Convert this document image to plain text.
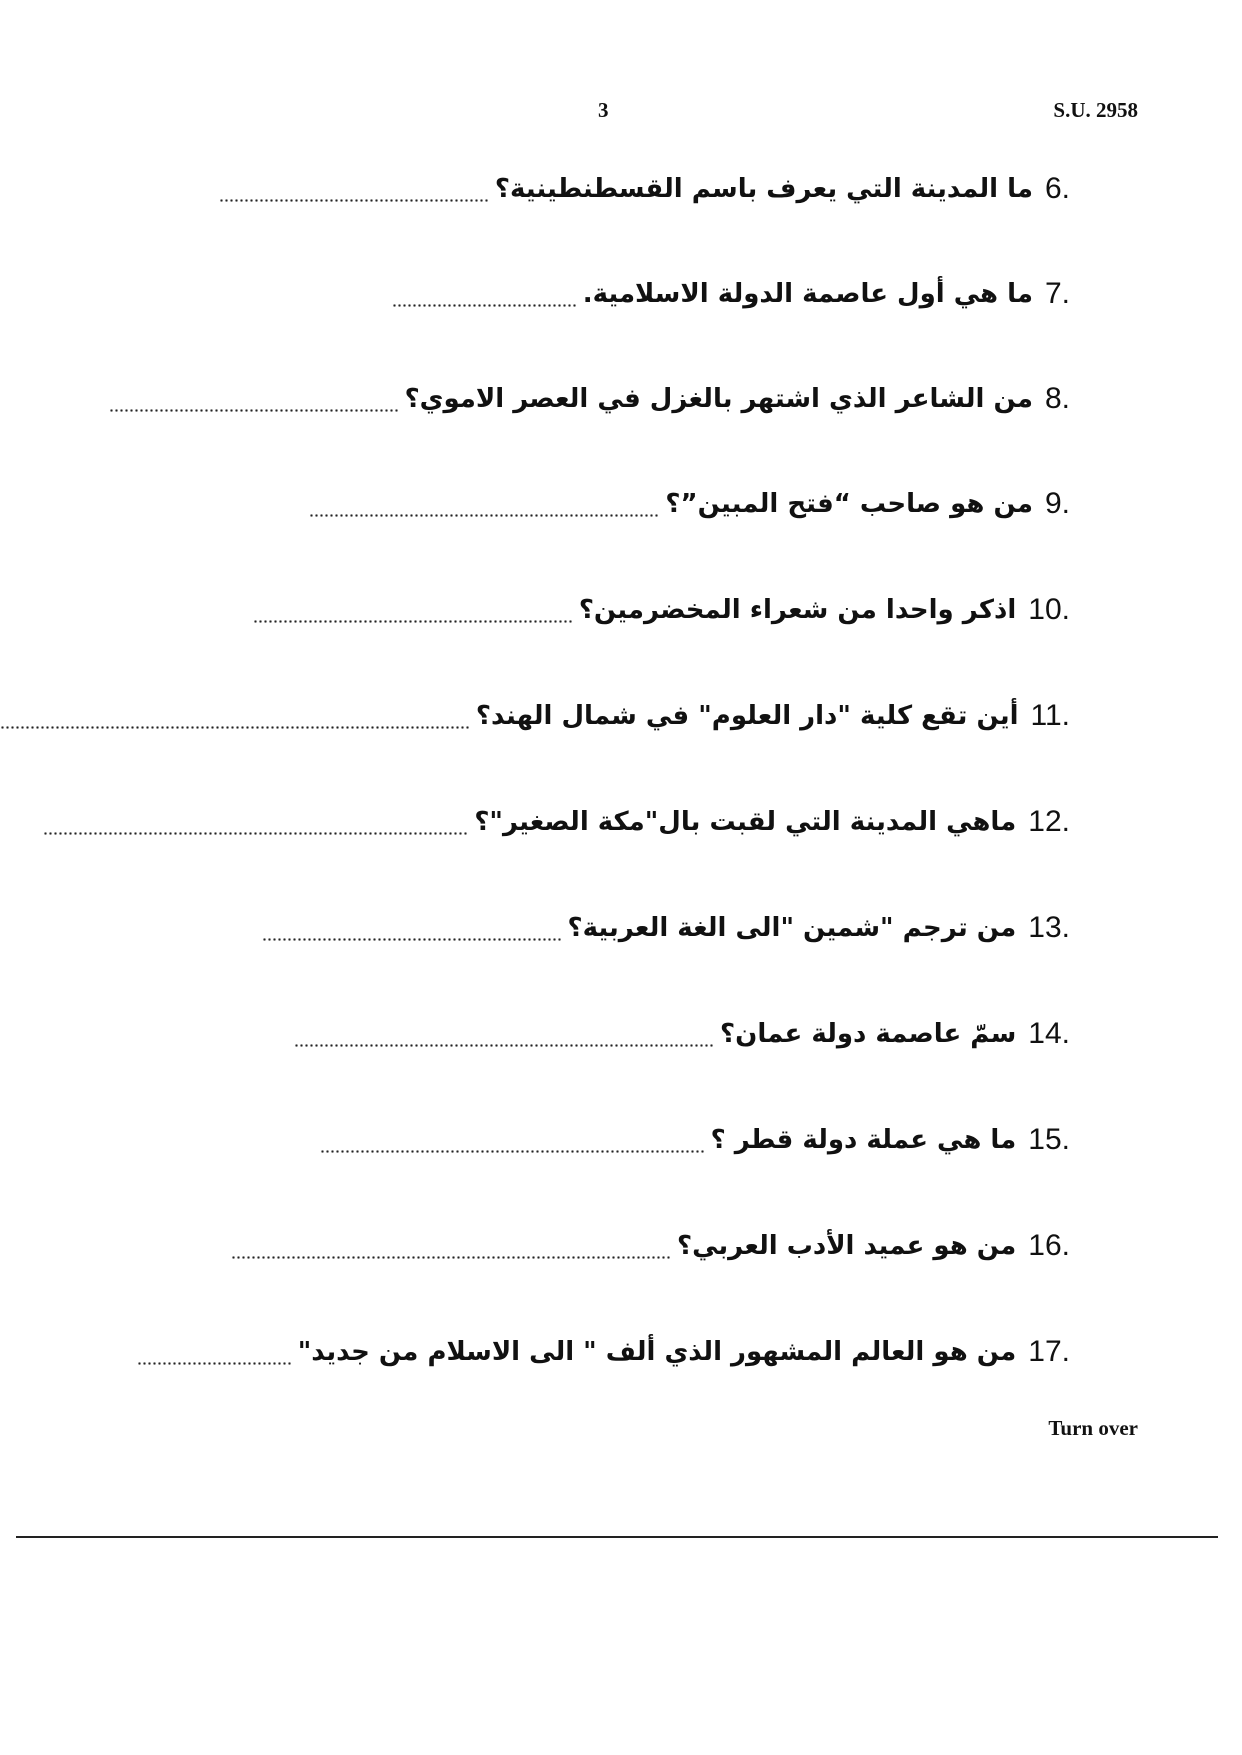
3	S.U. 2958
6.
ما المدينة التي يعرف باسم القسطنطينية؟
7.
ما هي أول عاصمة الدولة الاسلامية.
8.
من الشاعر الذي اشتهر بالغزل في العصر الاموي؟
9.
من هو صاحب “فتح المبين”؟
10.
اذكر واحدا من شعراء المخضرمين؟
11.
أين تقع كلية "دار العلوم" في شمال الهند؟
12.
ماهي المدينة التي لقبت بال"مكة الصغير"؟
13.
من ترجم "شمين "الى الغة العربية؟
14.
سمّ عاصمة دولة عمان؟
15.
ما هي عملة دولة قطر ؟
16.
من هو عميد الأدب العربي؟
17.
من هو العالم المشهور الذي ألف " الى الاسلام من جديد"
Turn over
